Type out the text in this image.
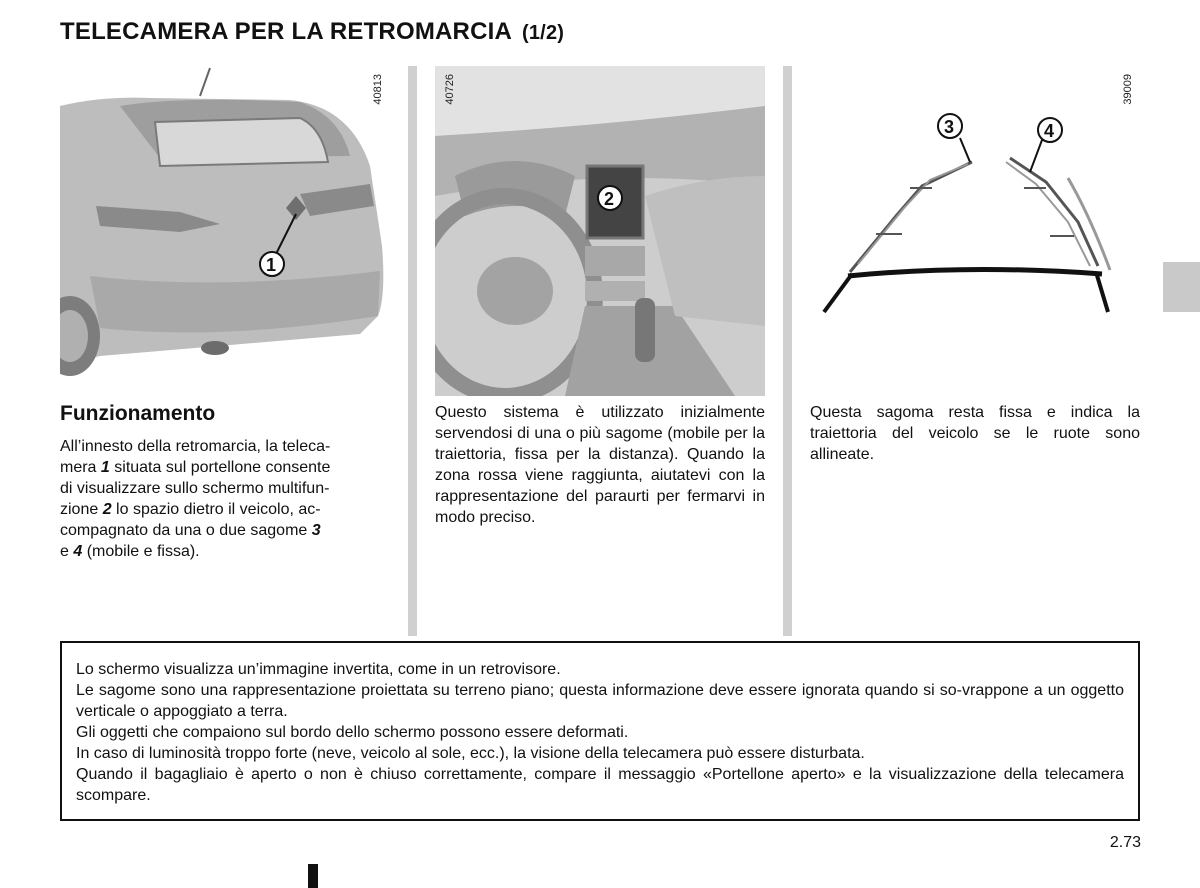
TELECAMERA PER LA RETROMARCIA (1/2)
1
40813
2
40726
3	4
39009
Funzionamento
All’innesto della retromarcia, la teleca-
mera 1 situata sul portellone consente
di visualizzare sullo schermo multifun-
zione 2 lo spazio dietro il veicolo, ac-
compagnato da una o due sagome 3
e 4 (mobile e fissa).
Questo sistema è utilizzato inizialmente servendosi di una o più sagome (mobile per la traiettoria, fissa per la distanza). Quando la zona rossa viene raggiunta, aiutatevi con la rappresentazione del paraurti per fermarvi in modo preciso.
Questa sagoma resta fissa e indica la traiettoria del veicolo se le ruote sono allineate.

Lo schermo visualizza un’immagine invertita, come in un retrovisore.

Le sagome sono una rappresentazione proiettata su terreno piano; questa informazione deve essere ignorata quando si so-vrappone a un oggetto verticale o appoggiato a terra.

Gli oggetti che compaiono sul bordo dello schermo possono essere deformati.

In caso di luminosità troppo forte (neve, veicolo al sole, ecc.), la visione della telecamera può essere disturbata.

Quando il bagagliaio è aperto o non è chiuso correttamente, compare il messaggio «Portellone aperto» e la visualizzazione della telecamera scompare.

2.73
